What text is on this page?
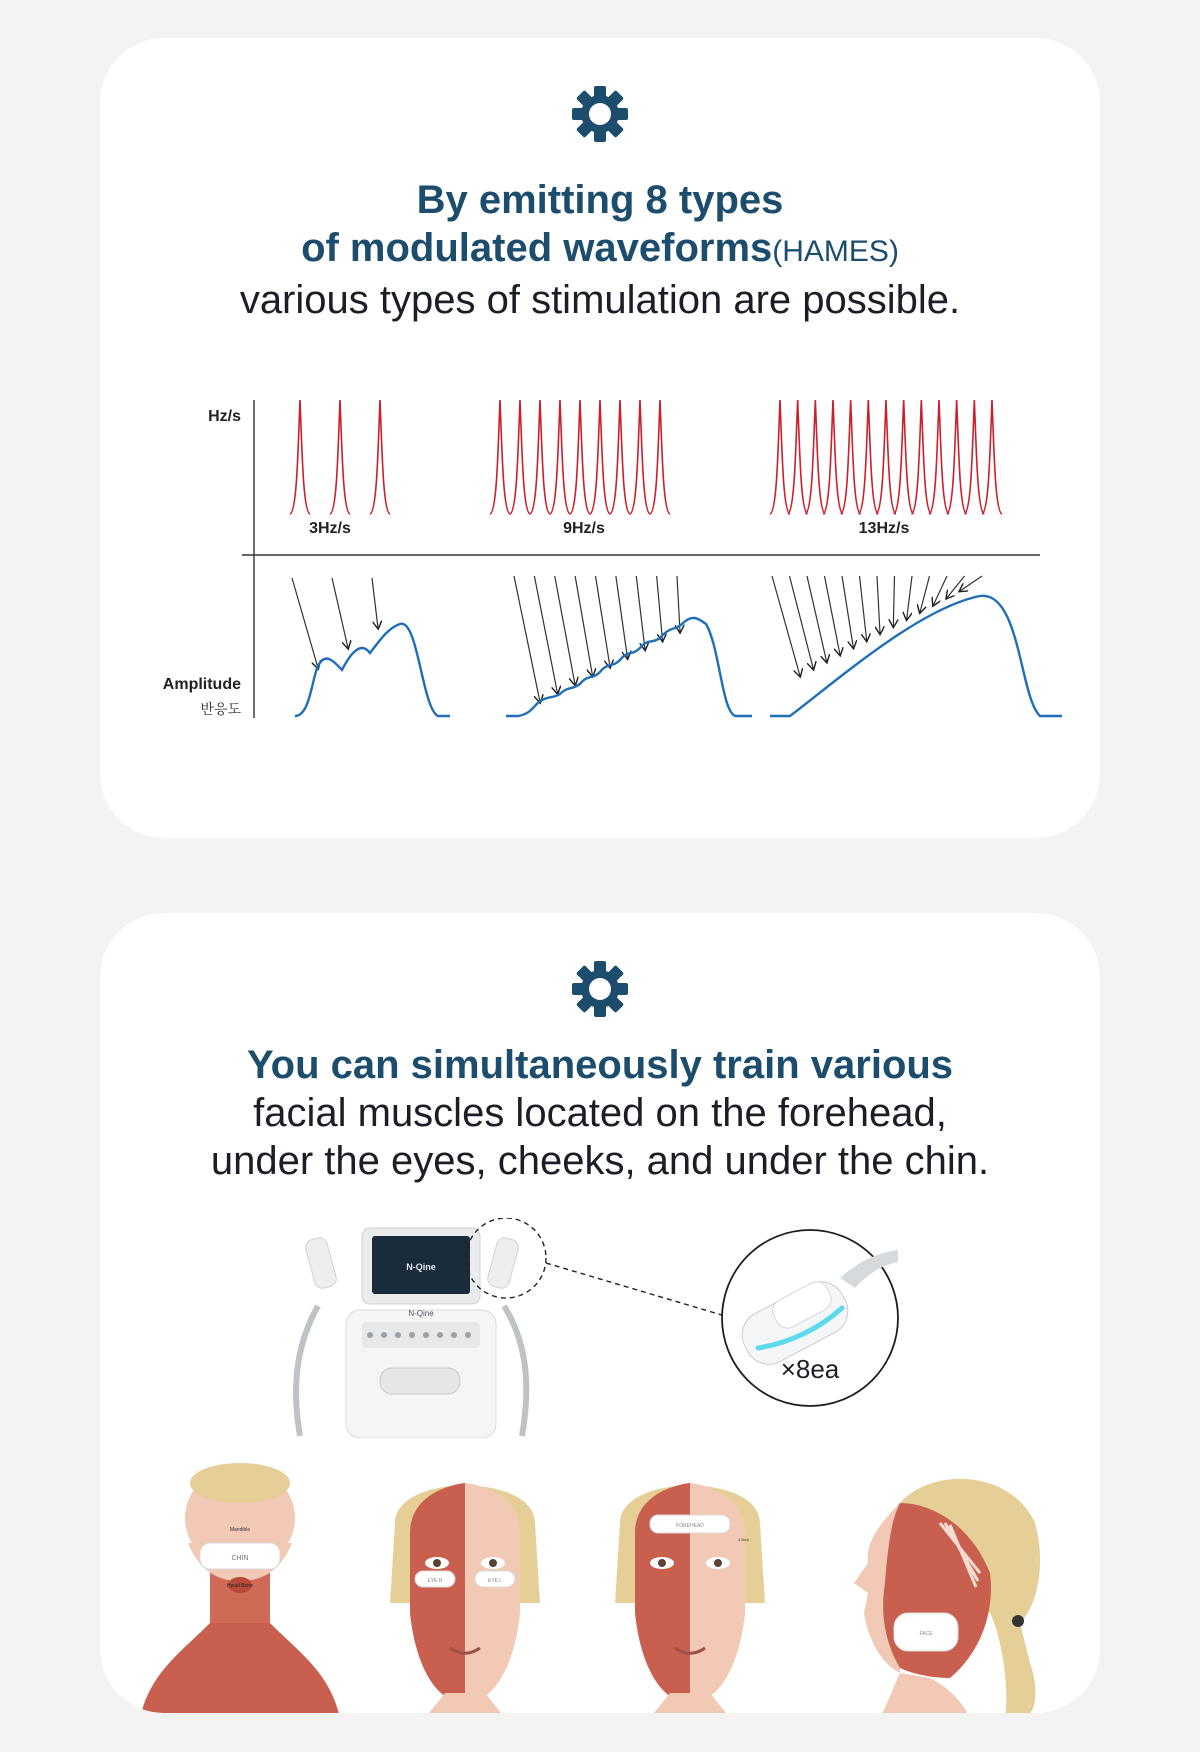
By emitting 8 types
of modulated waveforms(HAMES)
various types of stimulation are possible.
Hz/s
Amplitude
반응도
3Hz/s	9Hz/s	13Hz/s
You can simultaneously train various
facial muscles located on the forehead,
under the eyes, cheeks, and under the chin.
N-Qine
N-Qine
×8ea
CHIN
Mandible
Hyoid Bone
EYE R	EYE L
FOREHEAD
1.5cm
FACE
